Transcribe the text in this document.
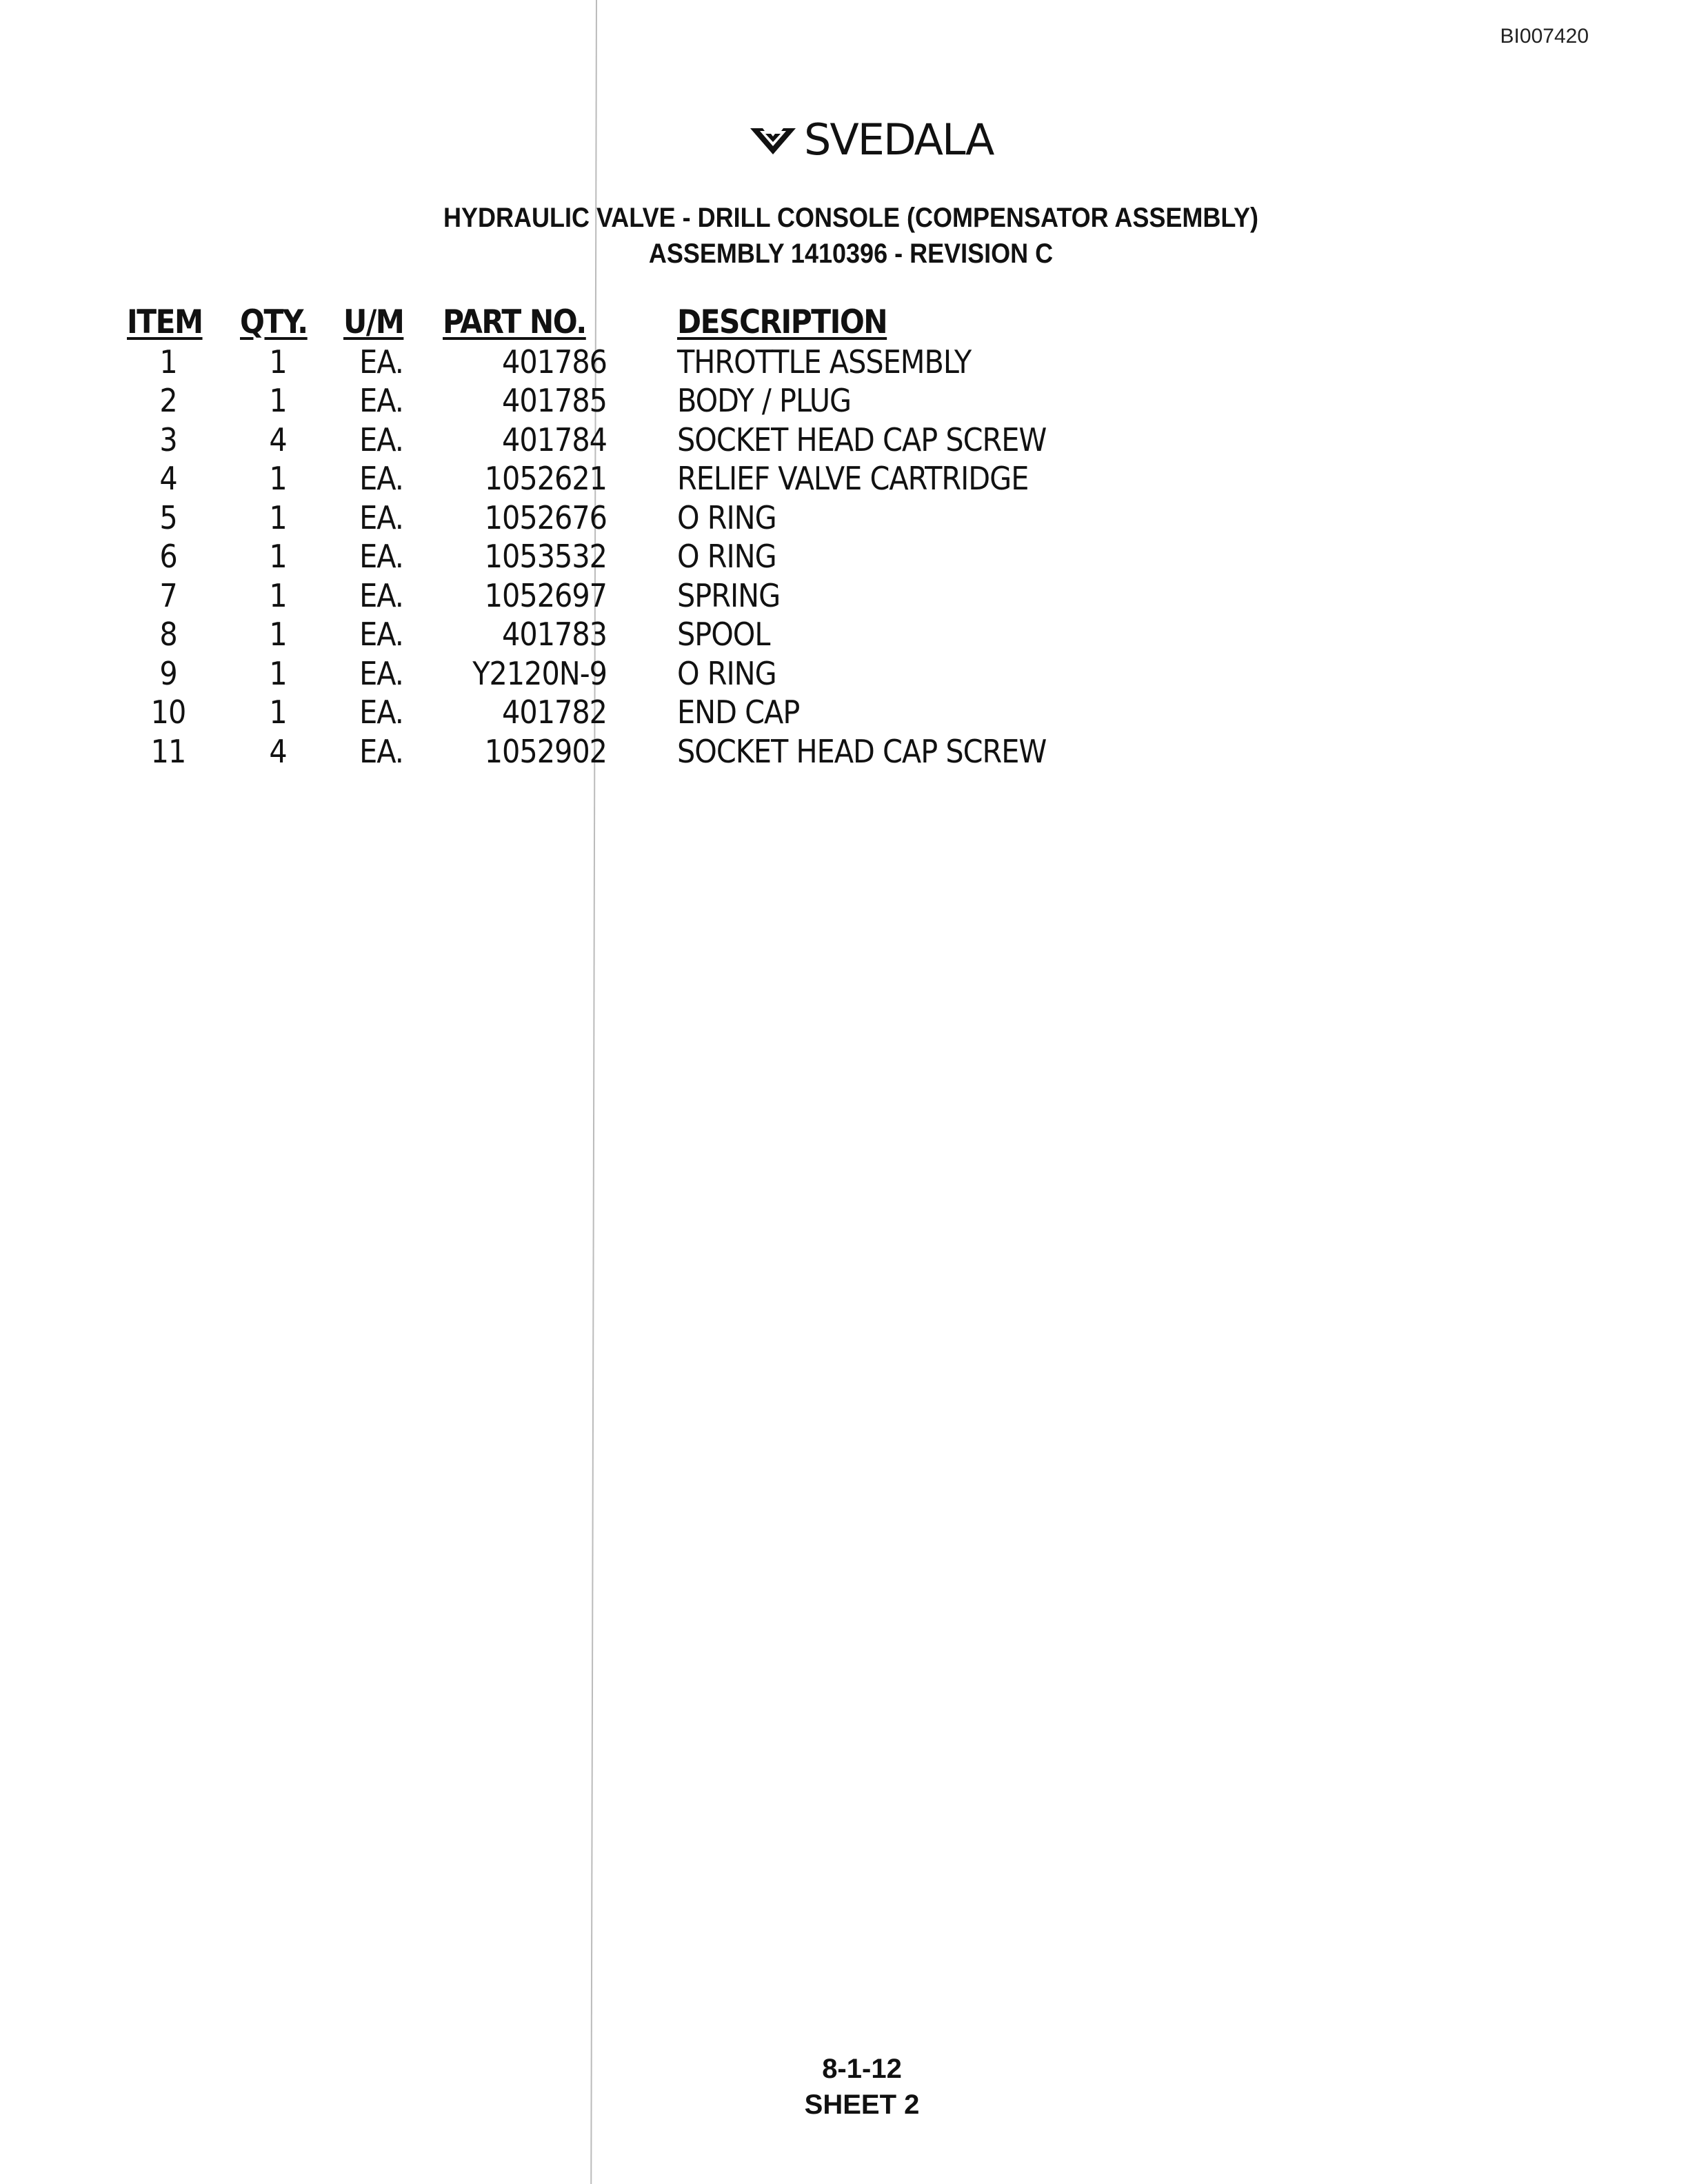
BI007420
SVEDALA
HYDRAULIC VALVE - DRILL CONSOLE (COMPENSATOR ASSEMBLY)
ASSEMBLY 1410396 - REVISION C
ITEM QTY. U/M	PART NO.	DESCRIPTION
1	1	EA.	401786 THROTTLE ASSEMBLY
2	1	EA.	401785 BODY / PLUG
3	4	EA.	401784 SOCKET HEAD CAP SCREW
4	1	EA.	1052621 RELIEF VALVE CARTRIDGE
5	1	EA.	1052676 O RING
6	1	EA.	1053532 O RING
7	1	EA.	1052697 SPRING
8	1	EA.	401783 SPOOL
9	1	EA.	Y2120N-9 O RING
10	1	EA.	401782 END CAP
11	4	EA.	1052902 SOCKET HEAD CAP SCREW
8-1-12
SHEET 2
